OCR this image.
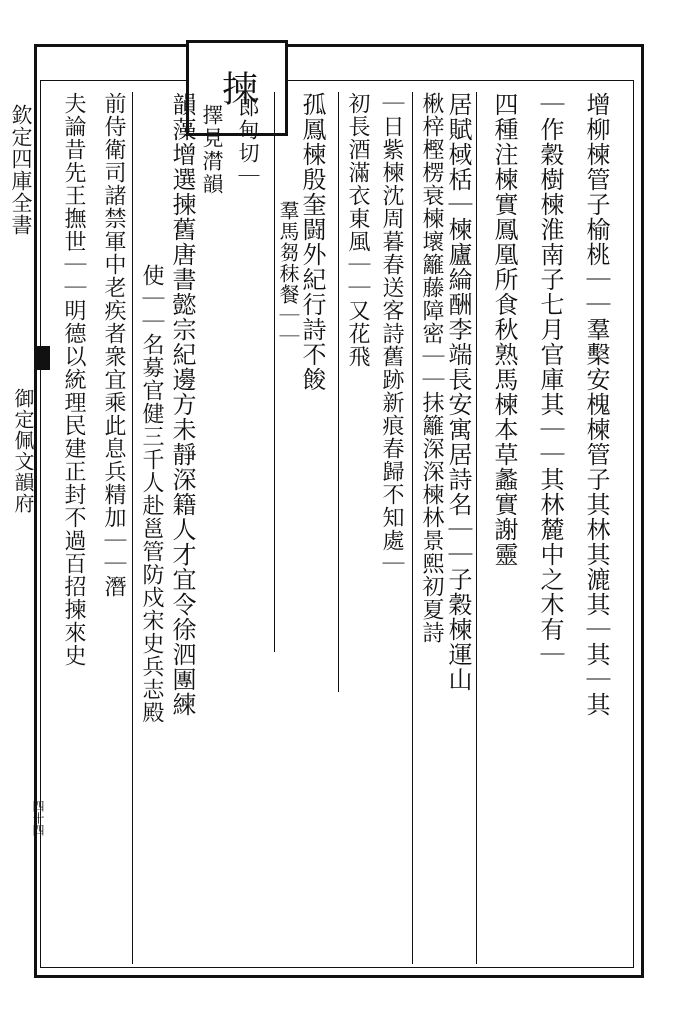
揀
欽定四庫全書
御定佩文韻府
四十四
郎甸切｜
擇見潸韻	增柳楝管子榆桃｜｜羣檕安槐楝管子其林其漉其｜其｜其
｜作穀樹楝淮南子七月官庫其｜｜其林麓中之木有｜
四種注楝實鳳凰所食秋熟馬楝本草蠡實謝靈
居賦棫栝｜楝廬綸酬李端長安寓居詩名｜｜子穀楝運山
楸梓樫楞衰楝壞籬藤障密｜｜抹籬深深楝林景熙初夏詩
｜日紫楝沈周暮春送客詩舊跡新痕春歸不知處｜
初長酒滿衣東風｜｜又花飛
孤鳳楝殷奎闘外紀行詩不餕
羣馬芻秣餐｜｜
韻藻增選揀舊唐書懿宗紀邊方未靜深籍人才宜令徐泗團練
使｜｜名募官健三千人赴邕管防戍宋史兵志殿
前侍衛司諸禁軍中老疾者衆宜乘此息兵精加｜｜潛
夫論昔先王撫世｜｜明德以統理民建正封不過百招揀來史
